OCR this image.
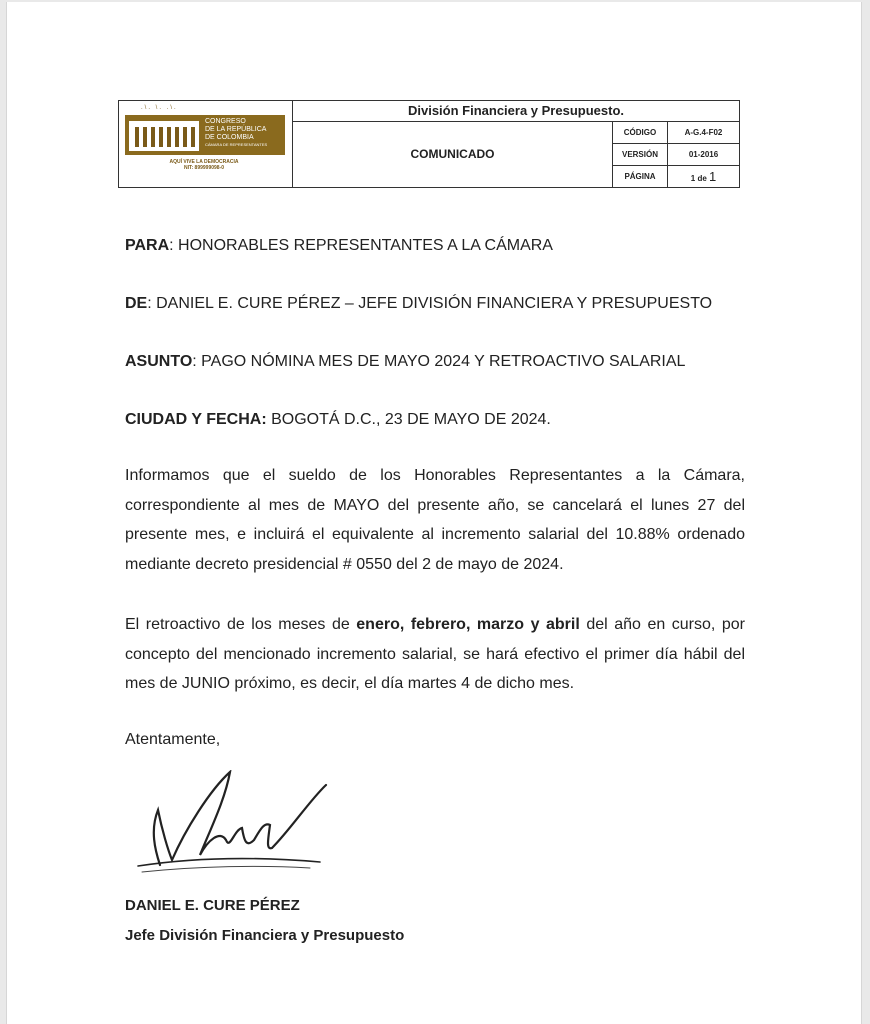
.\. \. .\.
CONGRESO
DE LA REPÚBLICA
DE COLOMBIA
CÁMARA DE REPRESENTANTES
AQUÍ VIVE LA DEMOCRACIA
NIT: 899999098-0
División Financiera y Presupuesto.
COMUNICADO
CÓDIGO	A-G.4-F02
VERSIÓN	01-2016
PÁGINA	1 de 1
PARA: HONORABLES REPRESENTANTES A LA CÁMARA
DE: DANIEL E. CURE PÉREZ – JEFE DIVISIÓN FINANCIERA Y PRESUPUESTO
ASUNTO: PAGO NÓMINA MES DE MAYO 2024 Y RETROACTIVO SALARIAL
CIUDAD Y FECHA: BOGOTÁ D.C., 23 DE MAYO DE 2024.
Informamos que el sueldo de los Honorables Representantes a la Cámara, correspondiente al mes de MAYO del presente año, se cancelará el lunes 27 del presente mes, e incluirá el equivalente al incremento salarial del 10.88% ordenado mediante decreto presidencial # 0550 del 2 de mayo de 2024.
El retroactivo de los meses de enero, febrero, marzo y abril del año en curso, por concepto del mencionado incremento salarial, se hará efectivo el primer día hábil del mes de JUNIO próximo, es decir, el día martes 4 de dicho mes.
Atentamente,
DANIEL E. CURE PÉREZ
Jefe División Financiera y Presupuesto
